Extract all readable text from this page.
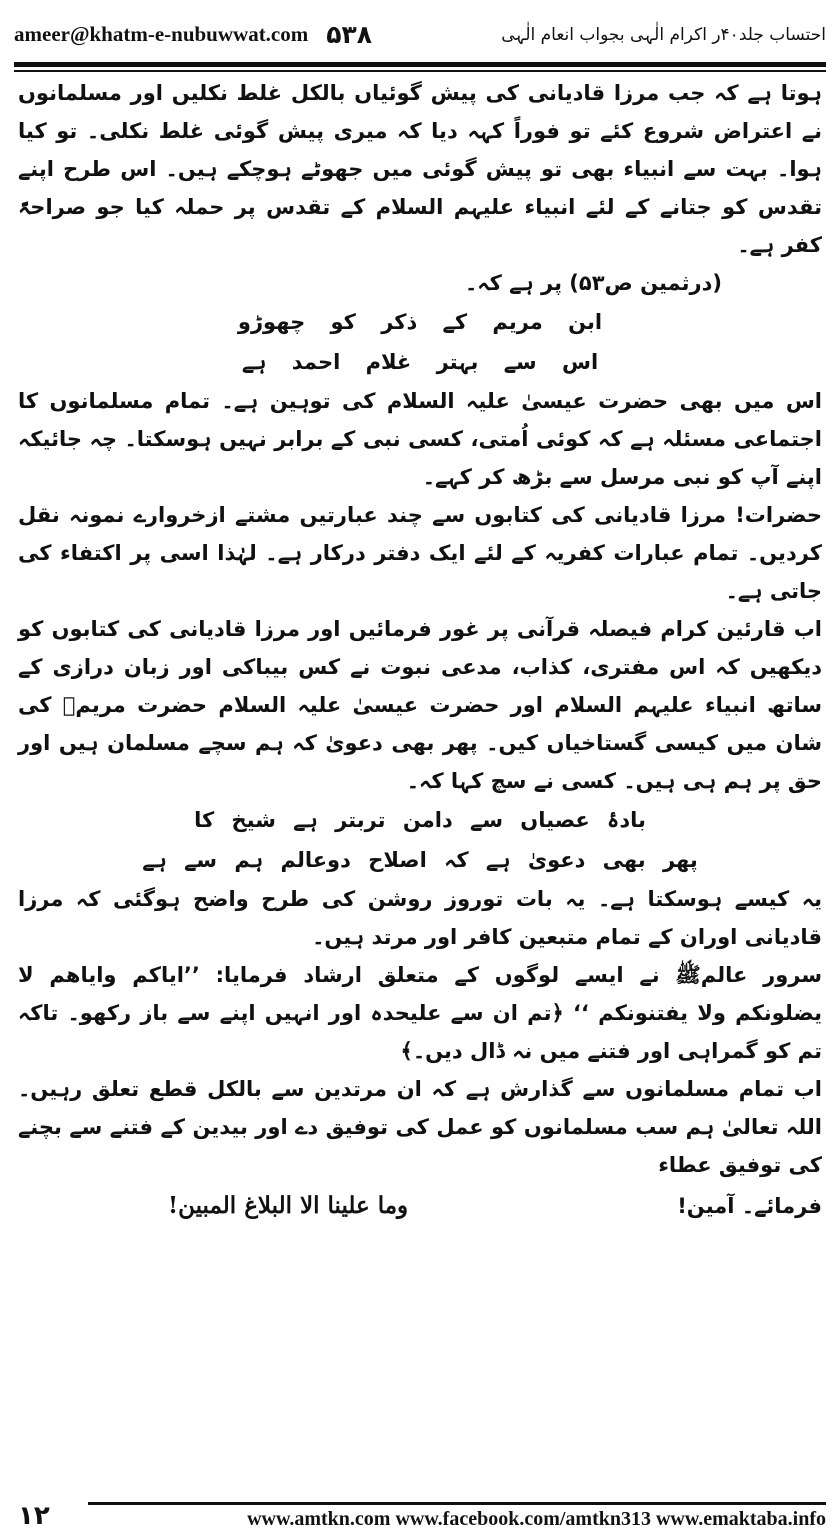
ameer@khatm-e-nubuwwat.com ۵۳۸	احتساب جلد۴۰ر اکرام الٰہی بجواب انعام الٰہی

ہوتا ہے کہ جب مرزا قادیانی کی پیش گوئیاں بالکل غلط نکلیں اور مسلمانوں نے اعتراض شروع کئے تو فوراً کہہ دیا کہ میری پیش گوئی غلط نکلی۔ تو کیا ہوا۔ بہت سے انبیاء بھی تو پیش گوئی میں جھوٹے ہوچکے ہیں۔ اس طرح اپنے تقدس کو جتانے کے لئے انبیاء علیہم السلام کے تقدس پر حملہ کیا جو صراحۃً کفر ہے۔

(درثمین ص۵۳) پر ہے کہ۔

ابن مریم کے ذکر کو چھوڑو

اس سے بہتر غلام احمد ہے

اس میں بھی حضرت عیسیٰ علیہ السلام کی توہین ہے۔ تمام مسلمانوں کا اجتماعی مسئلہ ہے کہ کوئی اُمتی، کسی نبی کے برابر نہیں ہوسکتا۔ چہ جائیکہ اپنے آپ کو نبی مرسل سے بڑھ کر کہے۔

حضرات! مرزا قادیانی کی کتابوں سے چند عبارتیں مشتے ازخروارے نمونہ نقل کردیں۔ تمام عبارات کفریہ کے لئے ایک دفتر درکار ہے۔ لہٰذا اسی پر اکتفاء کی جاتی ہے۔

اب قارئین کرام فیصلہ قرآنی پر غور فرمائیں اور مرزا قادیانی کی کتابوں کو دیکھیں کہ اس مفتری، کذاب، مدعی نبوت نے کس بیباکی اور زبان درازی کے ساتھ انبیاء علیہم السلام اور حضرت عیسیٰ علیہ السلام حضرت مریمؑ کی شان میں کیسی گستاخیاں کیں۔ پھر بھی دعویٰ کہ ہم سچے مسلمان ہیں اور حق پر ہم ہی ہیں۔ کسی نے سچ کہا کہ۔

بادۂ عصیاں سے دامن تربتر ہے شیخ کا

پھر بھی دعویٰ ہے کہ اصلاح دوعالم ہم سے ہے

یہ کیسے ہوسکتا ہے۔ یہ بات توروز روشن کی طرح واضح ہوگئی کہ مرزا قادیانی اوران کے تمام متبعین کافر اور مرتد ہیں۔

سرور عالمﷺ نے ایسے لوگوں کے متعلق ارشاد فرمایا: ’’ایاکم وایاھم لا یضلونکم ولا یفتنونکم ‘‘ ﴿تم ان سے علیحدہ اور انہیں اپنے سے باز رکھو۔ تاکہ تم کو گمراہی اور فتنے میں نہ ڈال دیں۔﴾

اب تمام مسلمانوں سے گذارش ہے کہ ان مرتدین سے بالکل قطع تعلق رہیں۔ اللہ تعالیٰ ہم سب مسلمانوں کو عمل کی توفیق دے اور بیدین کے فتنے سے بچنے کی توفیق عطاء

فرمائے۔ آمین!
وما علینا الا البلاغ المبین!
۱۲	www.amtkn.com www.facebook.com/amtkn313 www.emaktaba.info
